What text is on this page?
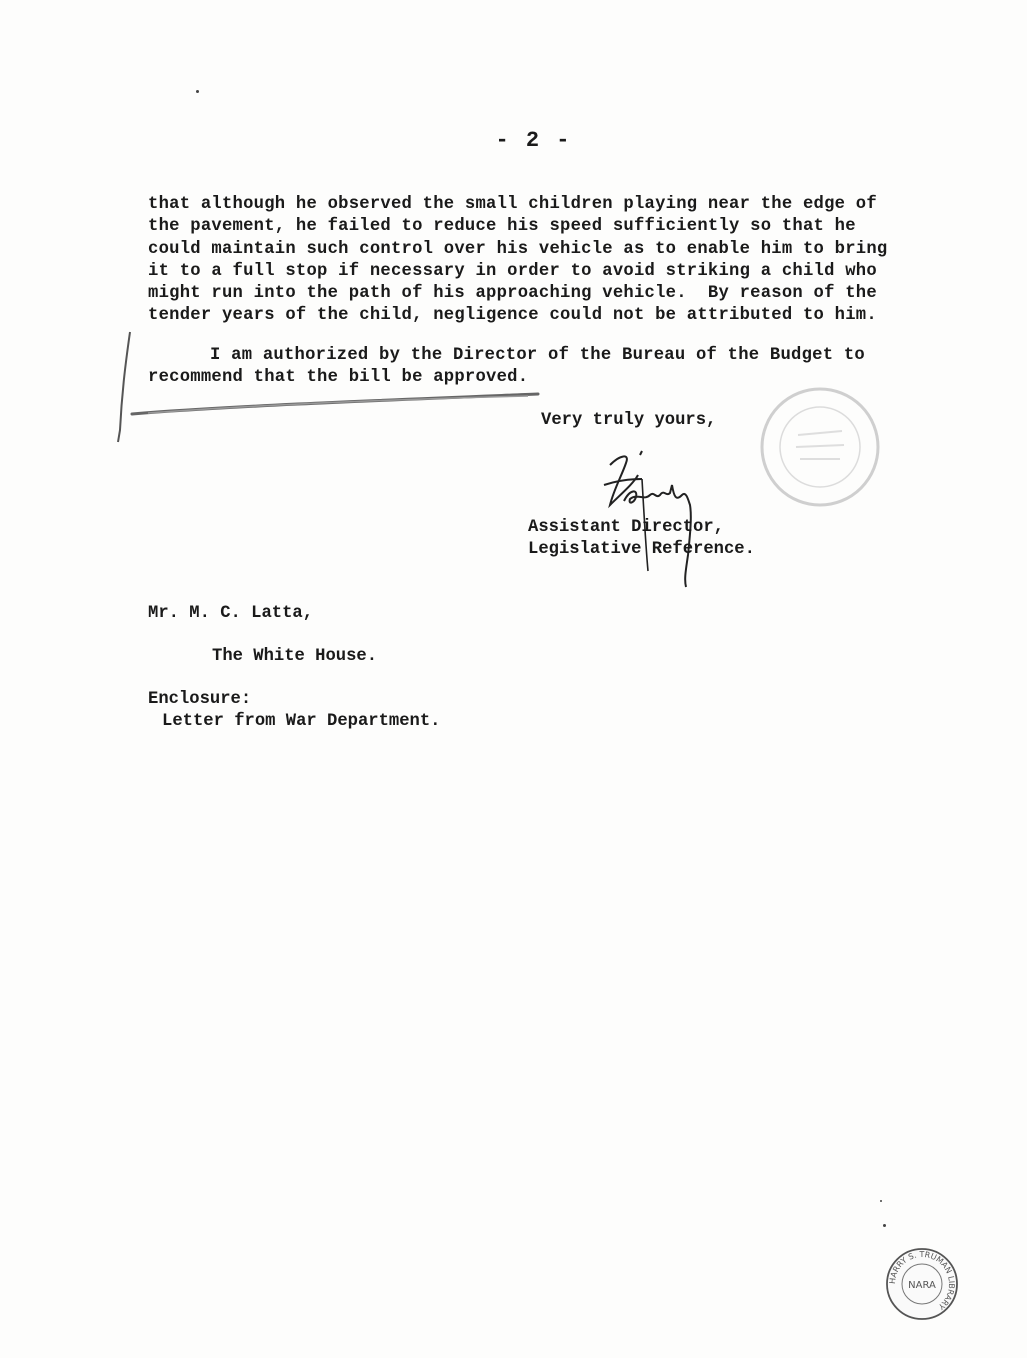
- 2 -
that although he observed the small children playing near the edge of
the pavement, he failed to reduce his speed sufficiently so that he
could maintain such control over his vehicle as to enable him to bring
it to a full stop if necessary in order to avoid striking a child who
might run into the path of his approaching vehicle.  By reason of the
tender years of the child, negligence could not be attributed to him.
I am authorized by the Director of the Bureau of the Budget to
recommend that the bill be approved.
Very truly yours,
Assistant Director,
Legislative Reference.
Mr. M. C. Latta,
The White House.
Enclosure:
Letter from War Department.
HARRY S. TRUMAN LIBRARY
NARA
